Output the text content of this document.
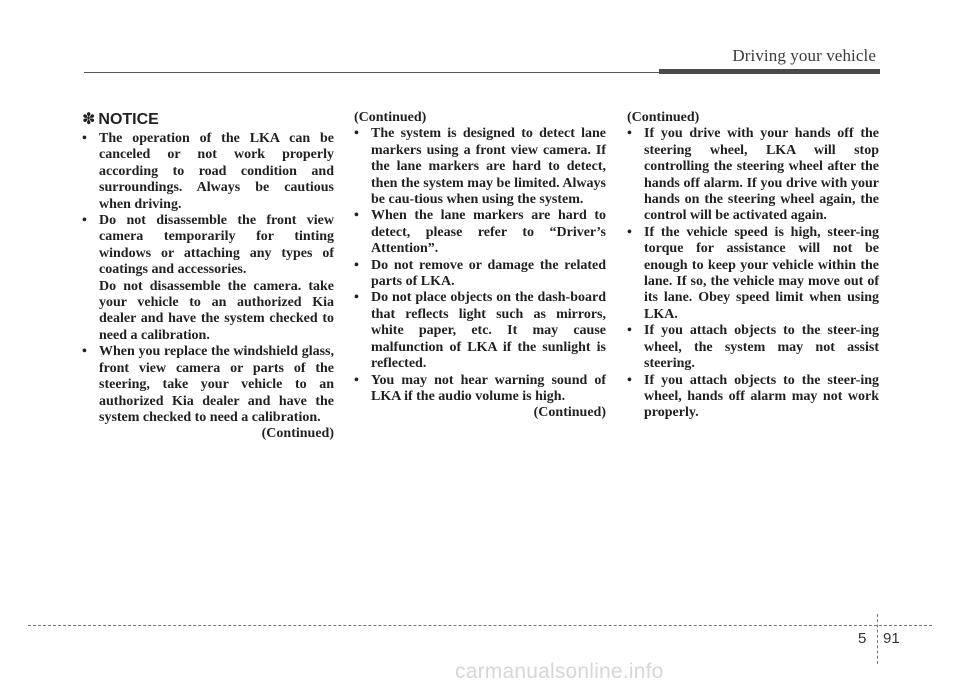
Driving your vehicle
✽ NOTICE
• The operation of the LKA can be canceled or not work properly according to road condition and surroundings. Always be cautious when driving.
• Do not disassemble the front view camera temporarily for tinting windows or attaching any types of coatings and accessories.
Do not disassemble the camera. take your vehicle to an authorized Kia dealer and have the system checked to need a calibration.
• When you replace the windshield glass, front view camera or parts of the steering, take your vehicle to an authorized Kia dealer and have the system checked to need a calibration.
(Continued)
(Continued)
• The system is designed to detect lane markers using a front view camera. If the lane markers are hard to detect, then the system may be limited. Always be cau-tious when using the system.
• When the lane markers are hard to detect, please refer to “Driver’s Attention”.
• Do not remove or damage the related parts of LKA.
• Do not place objects on the dash-board that reflects light such as mirrors, white paper, etc. It may cause malfunction of LKA if the sunlight is reflected.
• You may not hear warning sound of LKA if the audio volume is high.
(Continued)
(Continued)
• If you drive with your hands off the steering wheel, LKA will stop controlling the steering wheel after the hands off alarm. If you drive with your hands on the steering wheel again, the control will be activated again.
• If the vehicle speed is high, steer-ing torque for assistance will not be enough to keep your vehicle within the lane. If so, the vehicle may move out of its lane. Obey speed limit when using LKA.
• If you attach objects to the steer-ing wheel, the system may not assist steering.
• If you attach objects to the steer-ing wheel, hands off alarm may not work properly.
5 91
carmanualsonline.info
